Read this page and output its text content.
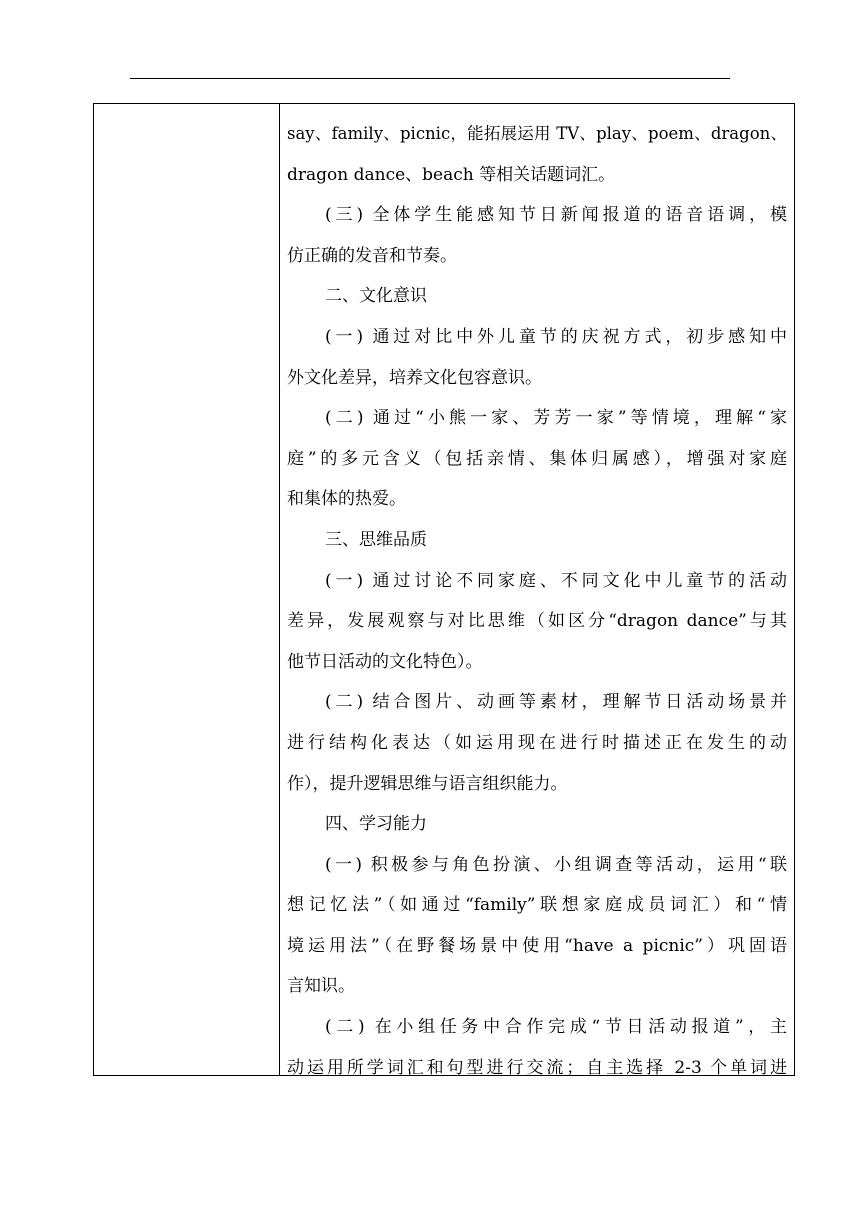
say、family、picnic，能拓展运用 TV、play、poem、dragon、
dragon dance、beach 等相关话题词汇。
(三) 全体学生能感知节日新闻报道的语音语调，模
仿正确的发音和节奏。
二、文化意识
(一) 通过对比中外儿童节的庆祝方式，初步感知中
外文化差异，培养文化包容意识。
(二) 通过“小熊一家、芳芳一家”等情境，理解“家
庭”的多元含义（包括亲情、集体归属感），增强对家庭
和集体的热爱。
三、思维品质
(一) 通过讨论不同家庭、不同文化中儿童节的活动
差异，发展观察与对比思维（如区分“dragon dance”与其
他节日活动的文化特色）。
(二) 结合图片、动画等素材，理解节日活动场景并
进行结构化表达（如运用现在进行时描述正在发生的动
作），提升逻辑思维与语言组织能力。
四、学习能力
(一) 积极参与角色扮演、小组调查等活动，运用“联
想记忆法”（如通过“family”联想家庭成员词汇）和“情
境运用法”（在野餐场景中使用“have a picnic”）巩固语
言知识。
(二) 在小组任务中合作完成“节日活动报道”，主
动运用所学词汇和句型进行交流；自主选择 2-3 个单词进
